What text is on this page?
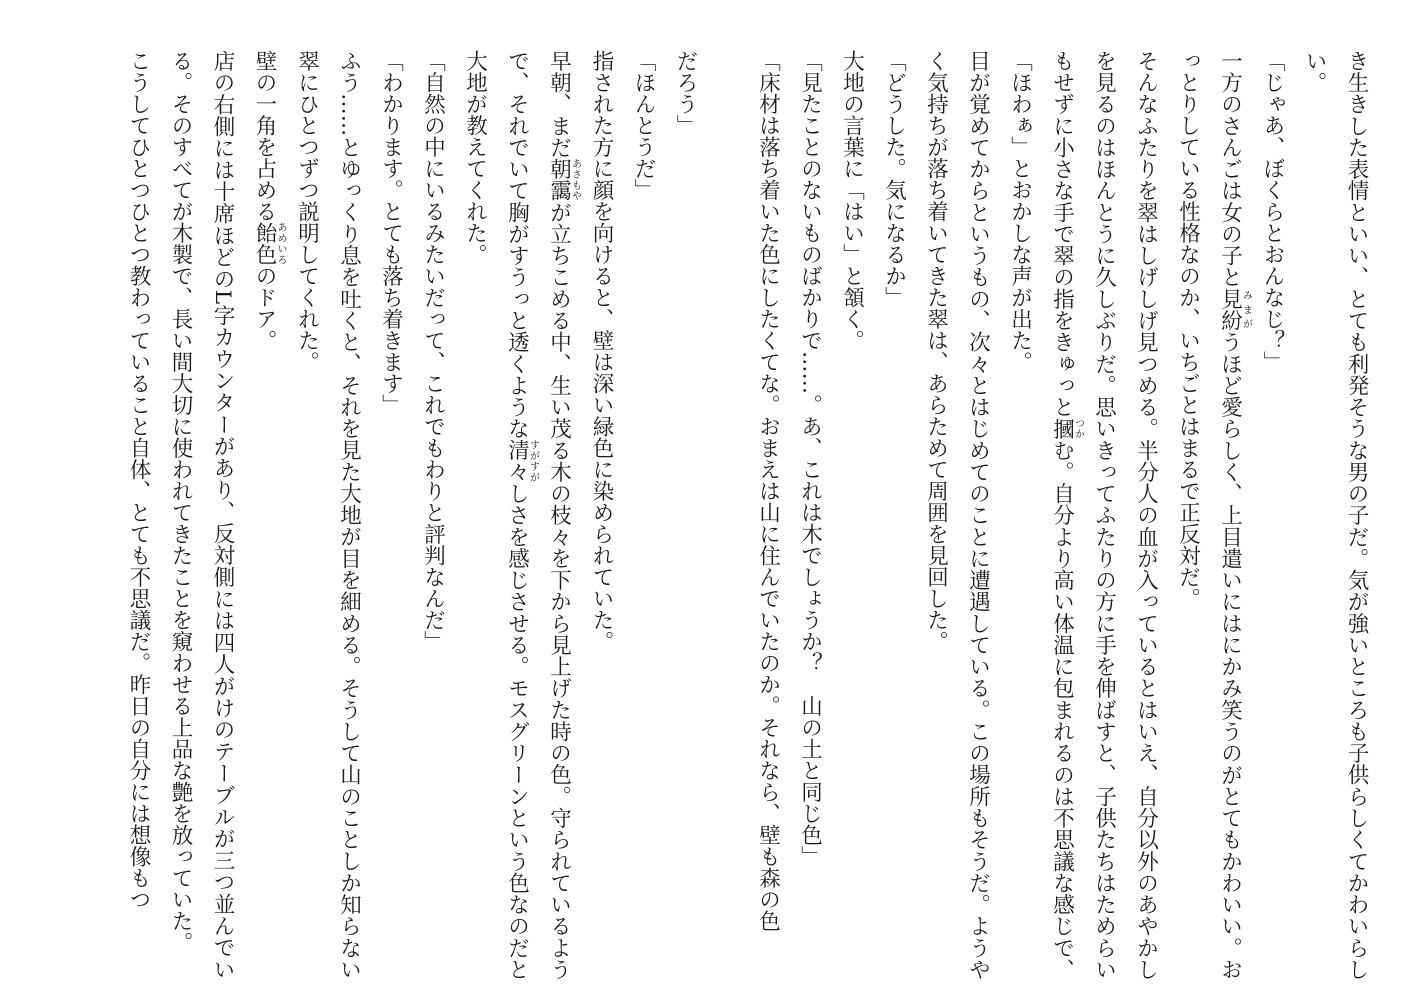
き生きした表情といい、とても利発そうな男の子だ。気が強いところも子供らしくてかわいらしい。

「じゃあ、ぼくらとおんなじ？」

一方のさんごは女の子と見紛みまがうほど愛らしく、上目遣いにはにかみ笑うのがとてもかわいい。おっとりしている性格なのか、いちごとはまるで正反対だ。

そんなふたりを翠はしげしげ見つめる。半分人の血が入っているとはいえ、自分以外のあやかしを見るのはほんとうに久しぶりだ。思いきってふたりの方に手を伸ばすと、子供たちはためらいもせずに小さな手で翠の指をきゅっと摑つかむ。自分より高い体温に包まれるのは不思議な感じで、「ほわぁ」とおかしな声が出た。

目が覚めてからというもの、次々とはじめてのことに遭遇している。この場所もそうだ。ようやく気持ちが落ち着いてきた翠は、あらためて周囲を見回した。

「どうした。気になるか」

大地の言葉に「はい」と頷く。

「見たことのないものばかりで……。あ、これは木でしょうか？　山の土と同じ色」

「床材は落ち着いた色にしたくてな。おまえは山に住んでいたのか。それなら、壁も森の色

だろう」

「ほんとうだ」

指された方に顔を向けると、壁は深い緑色に染められていた。

早朝、まだ朝靄あさもやが立ちこめる中、生い茂る木の枝々を下から見上げた時の色。守られているようで、それでいて胸がすうっと透くような清々すがすがしさを感じさせる。モスグリーンという色なのだと大地が教えてくれた。

「自然の中にいるみたいだって、これでもわりと評判なんだ」

「わかります。とても落ち着きます」

ふう……とゆっくり息を吐くと、それを見た大地が目を細める。そうして山のことしか知らない翠にひとつずつ説明してくれた。

壁の一角を占める飴色あめいろのドア。

店の右側には十席ほどのL字カウンターがあり、反対側には四人がけのテーブルが三つ並んでいる。そのすべてが木製で、長い間大切に使われてきたことを窺わせる上品な艶を放っていた。

こうしてひとつひとつ教わっていること自体、とても不思議だ。昨日の自分には想像もつ
